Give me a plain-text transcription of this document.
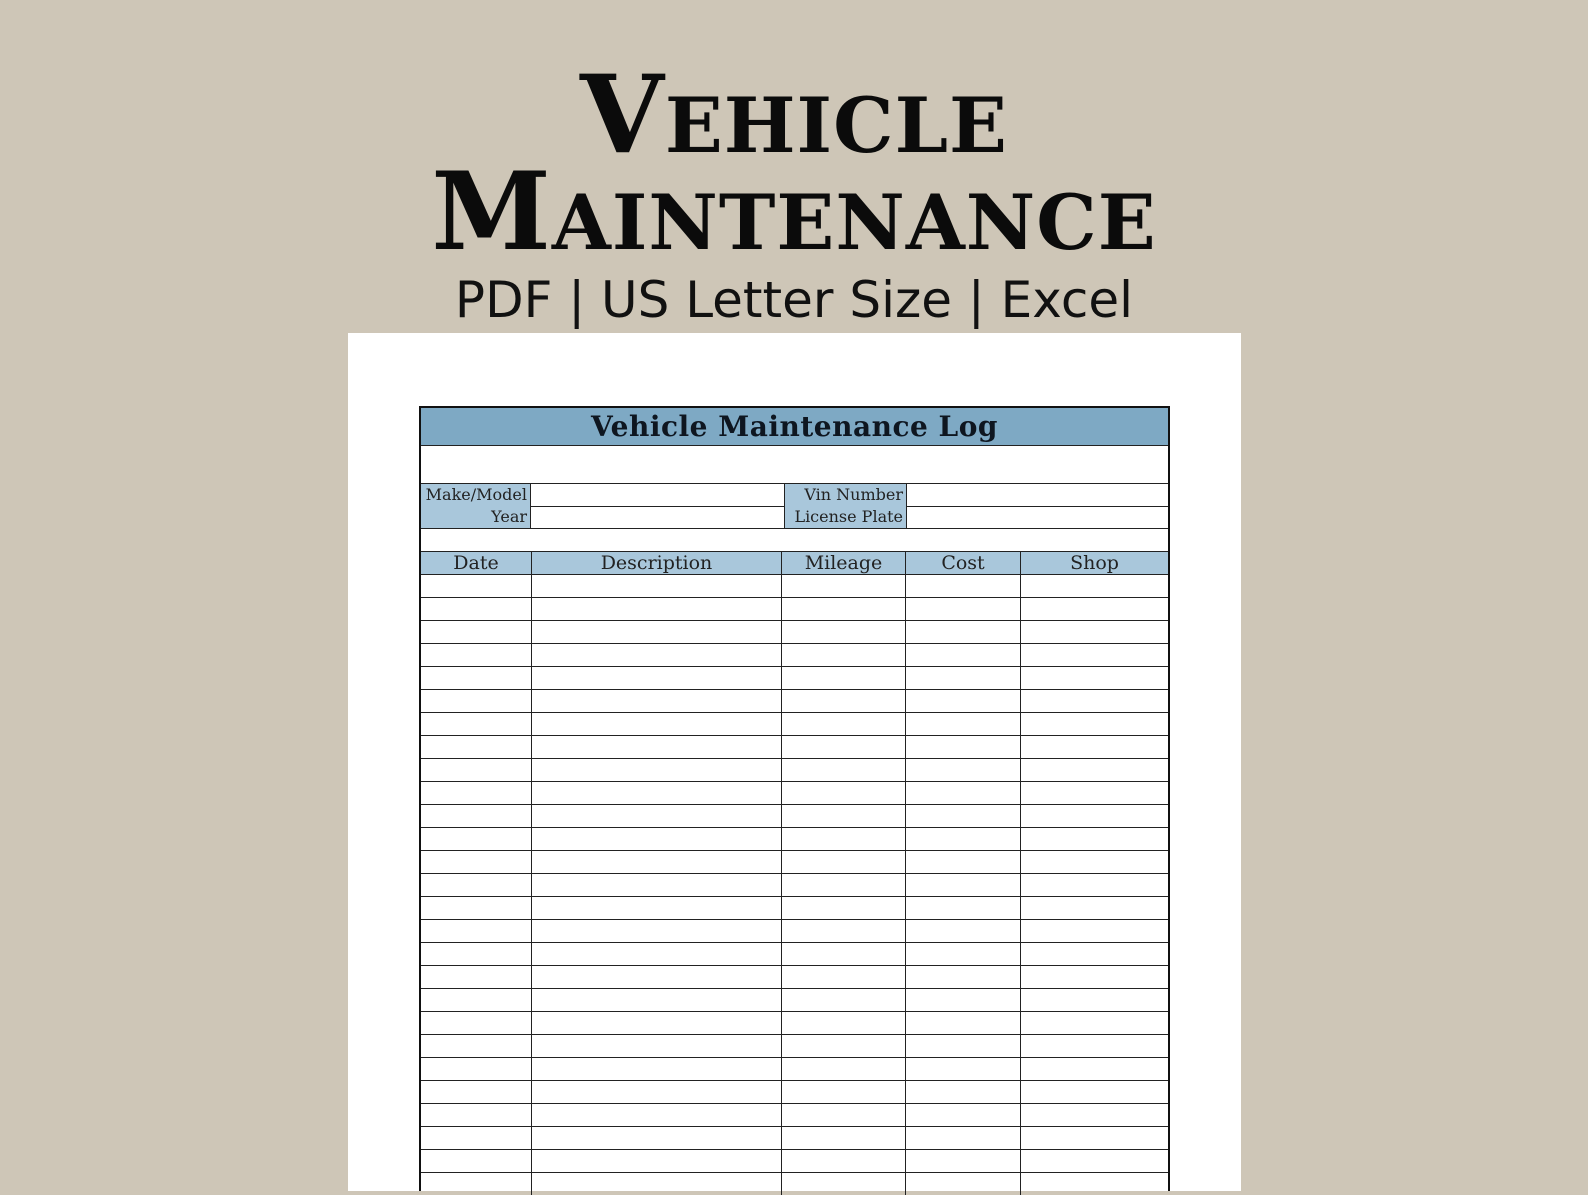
Vehicle
Maintenance

PDF | US Letter Size | Excel

Vehicle Maintenance Log
Make/Model	Vin Number
Year	License Plate
Date	Description	Mileage	Cost	Shop
